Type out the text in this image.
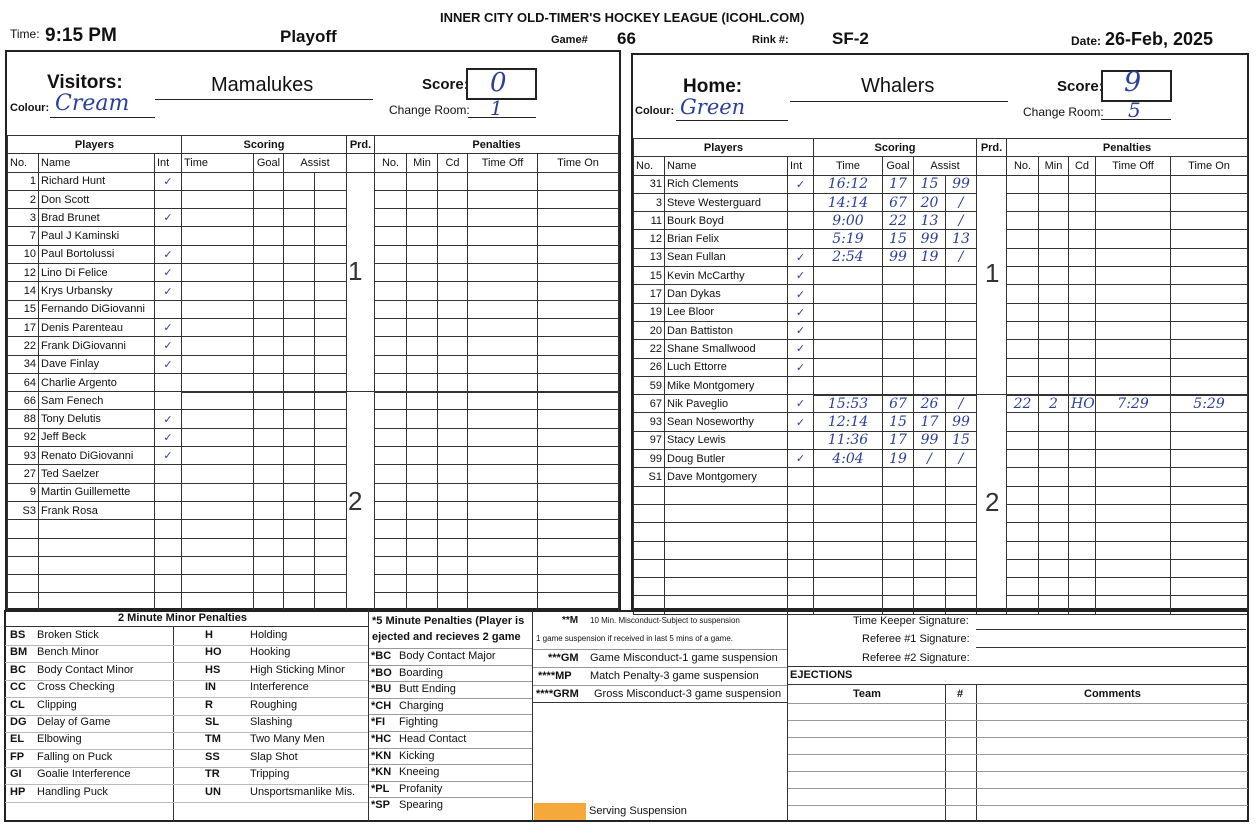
INNER CITY OLD-TIMER'S HOCKEY LEAGUE (ICOHL.COM)
Time: 9:15 PM	Playoff	Game# 66	Rink #:	SF-2	Date: 26-Feb, 2025
Visitors:	Mamalukes
Colour: Cream
Score: 0
Change Room: 1
Players			Scoring				Prd.	Penalties				
No.	Name	Int	Time	Goal	Assist			No.	Min	Cd	Time Off	Time On
1	Richard Hunt	✓										
2	Don Scott											
3	Brad Brunet	✓										
7	Paul J Kaminski											
10	Paul Bortolussi	✓										
12	Lino Di Felice	✓										
14	Krys Urbansky	✓										
15	Fernando DiGiovanni											
17	Denis Parenteau	✓										
22	Frank DiGiovanni	✓										
34	Dave Finlay	✓										
64	Charlie Argento											
66	Sam Fenech											
88	Tony Delutis	✓										
92	Jeff Beck	✓										
93	Renato DiGiovanni	✓										
27	Ted Saelzer											
9	Martin Guillemette											
S3	Frank Rosa											

1
2
Home:	Whalers
Colour: Green
Score: 9
Change Room: 5
Players			Scoring				Prd.	Penalties				
No.	Name	Int	Time	Goal	Assist			No.	Min	Cd	Time Off	Time On
31	Rich Clements	✓	16:12	17	15	99						
3	Steve Westerguard		14:14	67	20	/						
11	Bourk Boyd		9:00	22	13	/						
12	Brian Felix		5:19	15	99	13						
13	Sean Fullan	✓	2:54	99	19	/						
15	Kevin McCarthy	✓										
17	Dan Dykas	✓										
19	Lee Bloor	✓										
20	Dan Battiston	✓										
22	Shane Smallwood	✓										
26	Luch Ettorre	✓										
59	Mike Montgomery											
67	Nik Paveglio	✓	15:53	67	26	/		22	2	HO	7:29	5:29
93	Sean Noseworthy	✓	12:14	15	17	99						
97	Stacy Lewis		11:36	17	99	15						
99	Doug Butler	✓	4:04	19	/	/						
S1	Dave Montgomery											

1
2
2 Minute Minor Penalties
BS Broken Stick	H	Holding
BM Bench Minor	HO	Hooking
BC Body Contact Minor	HS	High Sticking Minor
CC Cross Checking	IN	Interference
CL Clipping	R	Roughing
DG Delay of Game	SL	Slashing
EL Elbowing	TM	Two Many Men
FP Falling on Puck	SS	Slap Shot
GI Goalie Interference	TR	Tripping
HP Handling Puck	UN	Unsportsmanlike Mis.
*5 Minute Penalties (Player is ejected and recieves 2 game
*BC Body Contact Major
*BO Boarding
*BU Butt Ending
*CH Charging
*FI Fighting
*HC Head Contact
*KN Kicking
*KN Kneeing
*PL Profanity
*SP Spearing
**M 10 Min. Misconduct-Subject to suspension
1 game suspension if received in last 5 mins of a game.
***GM Game Misconduct-1 game suspension
****MP Match Penalty-3 game suspension
****GRM Gross Misconduct-3 game suspension
Serving Suspension
Time Keeper Signature:
Referee #1 Signature:
Referee #2 Signature:
EJECTIONS
Team	#	Comments
